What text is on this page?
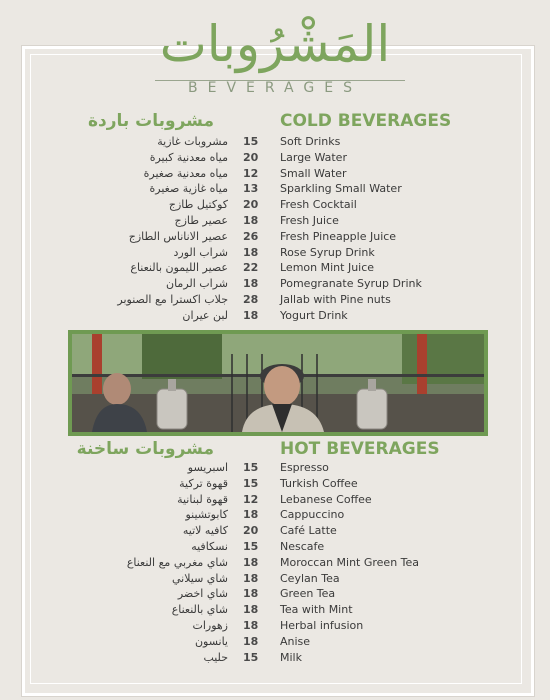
المَشْرُوبات
BEVERAGES
COLD BEVERAGES
مشروبات باردة
مشروبات غازية 15	Soft Drinks
مياه معدنية كبيرة 20	Large Water
مياه معدنية صغيرة 12	Small Water
مياه غازية صغيرة 13	Sparkling Small Water
كوكتيل طازج 20	Fresh Cocktail
عصير طازج 18	Fresh Juice
عصير الاناناس الطازج 26	Fresh Pineapple Juice
شراب الورد 18	Rose Syrup Drink
عصير الليمون بالنعناع 22	Lemon Mint Juice
شراب الرمان 18	Pomegranate Syrup Drink
جلاب اكسترا مع الصنوبر 28	Jallab with Pine nuts
لبن عيران 18	Yogurt Drink
HOT BEVERAGES
مشروبات ساخنة
اسبريسو 15	Espresso
قهوة تركية 15	Turkish Coffee
قهوة لبنانية 12	Lebanese Coffee
كابوتشينو 18	Cappuccino
كافيه لاتيه 20	Café Latte
نسكافيه 15	Nescafe
شاي مغربي مع النعناع 18	Moroccan Mint Green Tea
شاي سيلاني 18	Ceylan Tea
شاي اخضر 18	Green Tea
شاي بالنعناع 18	Tea with Mint
زهورات 18	Herbal infusion
يانسون 18	Anise
حليب 15	Milk
